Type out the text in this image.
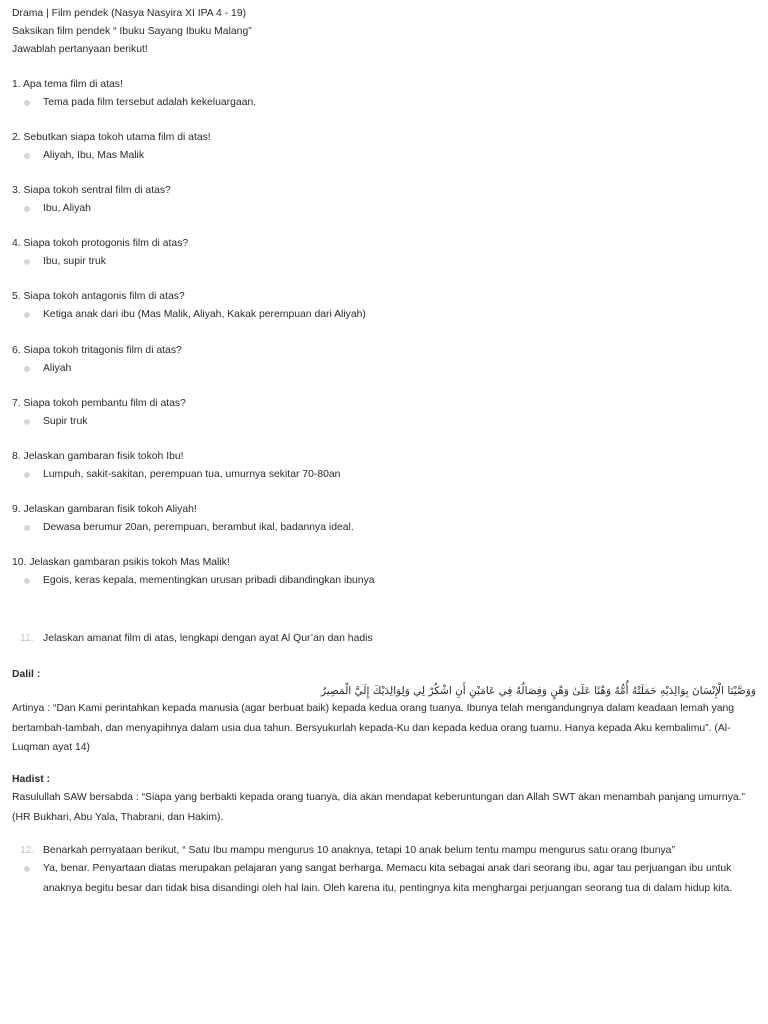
Drama | Film pendek (Nasya Nasyira XI IPA 4 - 19)
Saksikan film pendek “ Ibuku Sayang Ibuku Malang”
Jawablah pertanyaan berikut!
1. Apa tema film di atas!
Tema pada film tersebut adalah kekeluargaan.
2. Sebutkan siapa tokoh utama film di atas!
Aliyah, Ibu, Mas Malik
3. Siapa tokoh sentral film di atas?
Ibu, Aliyah
4. Siapa tokoh protogonis film di atas?
Ibu, supir truk
5. Siapa tokoh antagonis film di atas?
Ketiga anak dari ibu (Mas Malik, Aliyah, Kakak perempuan dari Aliyah)
6. Siapa tokoh tritagonis film di atas?
Aliyah
7. Siapa tokoh pembantu film di atas?
Supir truk
8. Jelaskan gambaran fisik tokoh Ibu!
Lumpuh, sakit-sakitan, perempuan tua, umurnya sekitar 70-80an
9. Jelaskan gambaran fisik tokoh Aliyah!
Dewasa berumur 20an, perempuan, berambut ikal, badannya ideal.
10. Jelaskan gambaran psikis tokoh Mas Malik!
Egois, keras kepala, mementingkan urusan pribadi dibandingkan ibunya
11. Jelaskan amanat film di atas, lengkapi dengan ayat Al Qur’an dan hadis
Dalil :
وَوَصَّيْنَا الْإِنْسَانَ بِوَالِدَيْهِ حَمَلَتْهُ أُمُّهُ وَهْنًا عَلَىٰ وَهْنٍ وَفِصَالُهُ فِي عَامَيْنِ أَنِ اشْكُرْ لِي وَلِوَالِدَيْكَ إِلَيَّ الْمَصِيرُ
Artinya : “Dan Kami perintahkan kepada manusia (agar berbuat baik) kepada kedua orang tuanya. Ibunya telah mengandungnya dalam keadaan lemah yang bertambah-tambah, dan menyapihnya dalam usia dua tahun. Bersyukurlah kepada-Ku dan kepada kedua orang tuamu. Hanya kepada Aku kembalimu”. (Al-Luqman ayat 14)
Hadist :
Rasulullah SAW bersabda : “Siapa yang berbakti kepada orang tuanya, dia akan mendapat keberuntungan dan Allah SWT akan menambah panjang umurnya.” (HR Bukhari, Abu Yala, Thabrani, dan Hakim).
12. Benarkah pernyataan berikut, “ Satu Ibu mampu mengurus 10 anaknya, tetapi 10 anak belum tentu mampu mengurus satu orang Ibunya”
Ya, benar. Penyartaan diatas merupakan pelajaran yang sangat berharga. Memacu kita sebagai anak dari seorang ibu, agar tau perjuangan ibu untuk anaknya begitu besar dan tidak bisa disandingi oleh hal lain. Oleh karena itu, pentingnya kita menghargai perjuangan seorang tua di dalam hidup kita.
